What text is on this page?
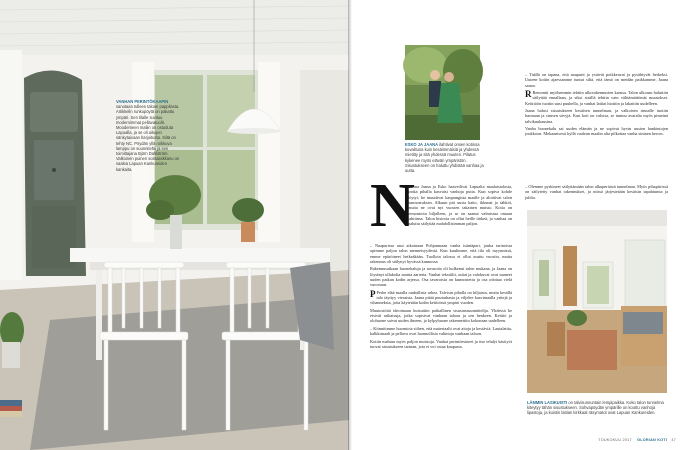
VANHAN PERINTÖKAAPIN sanotaan tulleen taloon pappilasta. Artikkelin runkopöytä on pakattu ympäri. Sen tilalle suvituu modernimmat pellavatuolit. Moodemeen maliin on ostoduta Lapualla, ja se oli aikojen sänkytaivaan harjoitusta. Siitä on tehty NC. Pöydän yllä roikkuva lamppu on suunniteltu ja sen toimittajana Björn Dahlström. Valkoinen puinen soitsarakkanu on vaalea Lapuan Kankureiden kankaita.
ESKO JA JAANA ilahtivat omien kotinsa kuvailtuna kuin kesäimmäisiä ja yhdessä mietitty ja sitä yhdessä muuten. Pilatus kykenee myös elävän ympäristön. Sisustukseen on haluttu yhdistää vanhaa ja uutta.

– Täällä on tapana, että naapurit ja ystävät poikkeavat ja pysähtyvät hetkeksi. Uuteen kotiin ajaessamme tuntui siltä, että tämä on meidän paikkamme, Jaana sanoo.

R Remontti myöhemmin tehtiin ulkorakennusten kanssa. Talon ulkoasu haluttiin säilyttää ennallaan, ja siksi sisällä tehtiin vain välttämättömät muutokset. Keittiöön tuotiin uusi puuhella, ja vanhat lattiat hiottiin ja lakattiin uudelleen.

Jaana halusi sisustukseen kesäisen tunnelman, ja valkoisen rinnalle tuotiin harmaan ja sinisen sävyjä. Kun koti on valoisa, se tuntuu avaralta myös pimeinä talvikuukausina.

Vanha huonekalu sai uuden elämän ja ne sopivat hyvin uusien hankintojen joukkoon. Mekaanisesti kyllä vaalean maalin alta pilkottaa vanha sininen kerros.

N
uorina Jaana ja Esko haaveilivat Lapualta maalaistalosta, jonka pihalla kasvaisi vanhoja puita. Kun sopiva kohde löytyi, he muuttivat kaupungista maalle ja aloittivat talon kunnostuksen. Alkuun piti uusia katto, ikkunat ja sähköt, mutta ne ovat nyt vuosien takainen muisto. Kotia on remontoitu hiljalleen, ja se on saanut valmistua omaan tahtiinsa. Talon historia on ollut heille tärkeä, ja vanhaa on haluttu säilyttää mahdollisimman paljon.

– Naapurissa asui aikoinaan Pohjanmaan vanha isäntäpari, jonka tarinoista opimme paljon talon menneisyydestä. Kun kuulimme, että tila oli myynnissä, emme epäröineet hetkeäkään. Tuolloin talossa ei ollut asuttu vuosiin, mutta rakennus oli säilynyt hyvässä kunnossa.

Rakennusaikaan huonekaluja ja tavaroita oli kulkenut talon mukana, ja Jaana on löytänyt ullakolta monta aarretta. Vanhat tekstiilit, astiat ja valokuvat ovat saaneet uuden paikan kodin arjessa. Osa tavaroista on kunnostettu ja osa odottaa vielä vuoroaan.

P Perhe elää maalla rauhallista arkea. Talvisin pihalla on hiljaista, mutta kesällä talo täyttyy vieraista. Jaana pitää puutarhasta ja viljelee kasvimaalla yrttejä ja vihanneksia, joita käytetään kodin keittiössä ympäri vuoden.

Muutostöitä ideoimaan kutsuttiin paikallinen sisustussuunnittelija. Yhdessä he etsivät ratkaisuja, jotka sopisivat vanhaan taloon ja sen henkeen. Keittiö ja olohuone saivat uuden ilmeen, ja kylpyhuone rakennettiin kokonaan uudelleen.

– Kiinnitimme huomiota siihen, että materiaalit ovat aitoja ja kestäviä. Lautalattia, kalkkimaali ja pellava ovat luonnollisia valintoja vanhaan taloon.

Kotiin mahtuu myös paljon muistoja. Vanhat perintöesineet ja itse tehdyt käsityöt tuovat sisustukseen tarinan, jota ei voi ostaa kaupasta.

– Olemme pyrkineet säilyttämään talon alkuperäistä tunnelmaa. Myös pihapiirissä on säilytetty vanhat rakennukset, ja niissä järjestetään kesäisin tapahtumia ja juhlia.

LÄMMIN LASIKUISTI on talvisunnuntain lempipaikka. Koko talon tunnelma kiteytyy tähän sisustukseen. Sohvapöydän ympärille on koottu vanhoja lipastoja, ja kuistin lattian kirkkaat räsymatot ovat Lapuan Kankureiden.
TOUKOKUU 2017 GLORIAN KOTI 47
